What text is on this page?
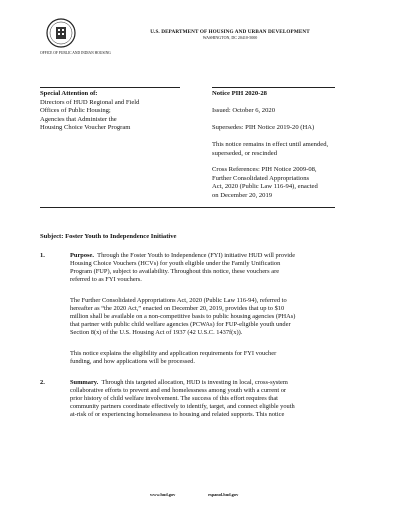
U.S. DEPARTMENT OF HOUSING AND URBAN DEVELOPMENT
WASHINGTON, DC 20410-5000
OFFICE OF PUBLIC AND INDIAN HOUSING
Special Attention of:
Directors of HUD Regional and Field
Offices of Public Housing;
Agencies that Administer the
Housing Choice Voucher Program
Notice PIH 2020-28
Issued: October 6, 2020
Supersedes: PIH Notice 2019-20 (HA)
This notice remains in effect until amended,
superseded, or rescinded
Cross References: PIH Notice 2009-08,
Further Consolidated Appropriations
Act, 2020 (Public Law 116-94), enacted
on December 20, 2019
Subject: Foster Youth to Independence Initiative
1.	Purpose. Through the Foster Youth to Independence (FYI) initiative HUD will provide
Housing Choice Vouchers (HCVs) for youth eligible under the Family Unification
Program (FUP), subject to availability. Throughout this notice, these vouchers are
referred to as FYI vouchers.
The Further Consolidated Appropriations Act, 2020 (Public Law 116-94), referred to
hereafter as “the 2020 Act,” enacted on December 20, 2019, provides that up to $10
million shall be available on a non-competitive basis to public housing agencies (PHAs)
that partner with public child welfare agencies (PCWAs) for FUP-eligible youth under
Section 8(x) of the U.S. Housing Act of 1937 (42 U.S.C. 1437f(x)).
This notice explains the eligibility and application requirements for FYI voucher
funding, and how applications will be processed.
2.	Summary. Through this targeted allocation, HUD is investing in local, cross-system
collaborative efforts to prevent and end homelessness among youth with a current or
prior history of child welfare involvement. The success of this effort requires that
community partners coordinate effectively to identify, target, and connect eligible youth
at-risk of or experiencing homelessness to housing and related supports. This notice
www.hud.gov	espanol.hud.gov
